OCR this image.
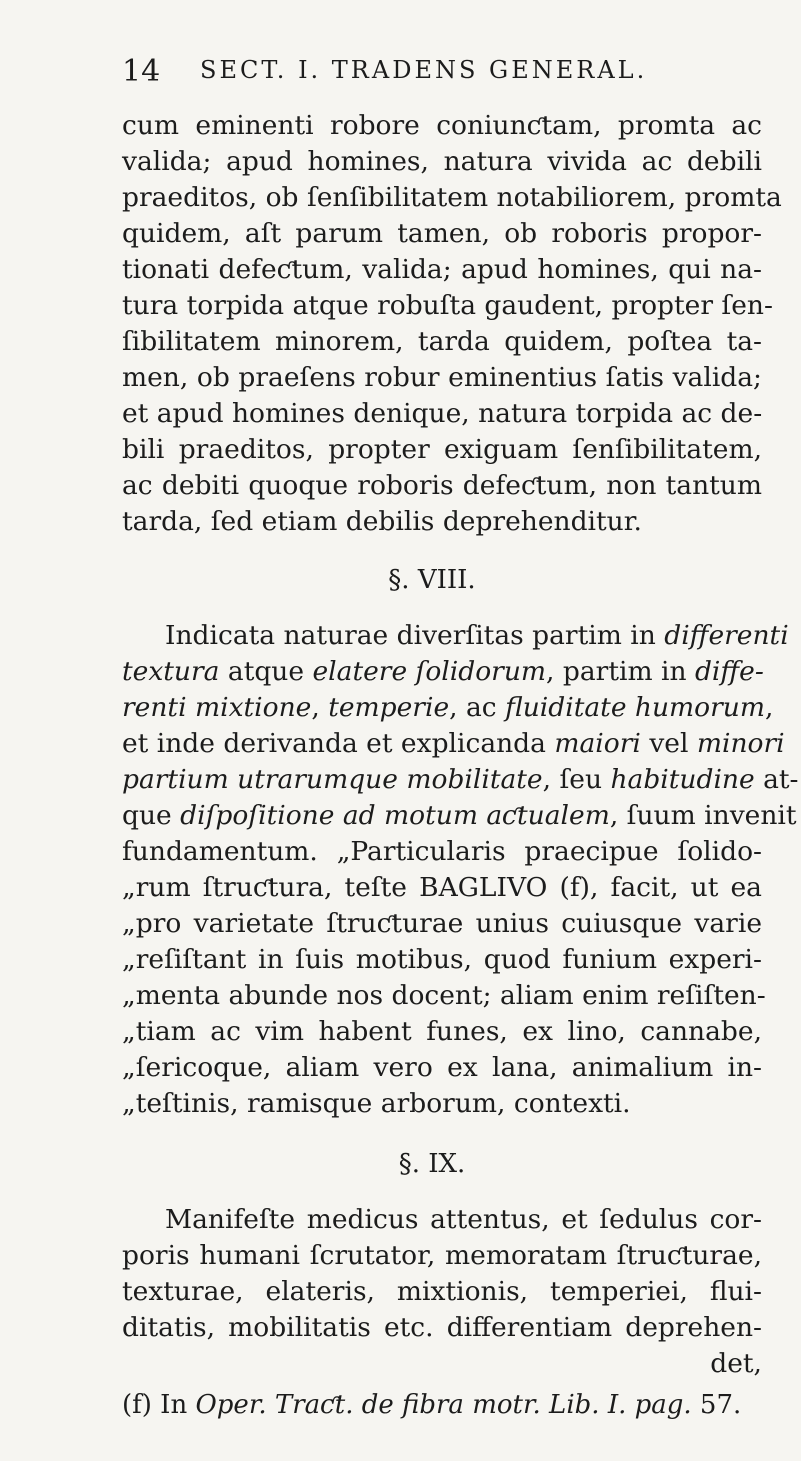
14 SECT. I. TRADENS GENERAL.
cum eminenti robore coniunƈtam, promta ac
valida; apud homines, natura vivida ac debili
praeditos, ob ſenſibilitatem notabiliorem, promta
quidem, aſt parum tamen, ob roboris propor-
tionati defeƈtum, valida; apud homines, qui na-
tura torpida atque robuſta gaudent, propter ſen-
ſibilitatem minorem, tarda quidem, poſtea ta-
men, ob praeſens robur eminentius ſatis valida;
et apud homines denique, natura torpida ac de-
bili praeditos, propter exiguam ſenſibilitatem,
ac debiti quoque roboris defeƈtum, non tantum
tarda, ſed etiam debilis deprehenditur.
§. VIII.
Indicata naturae diverſitas partim in differenti
textura atque elatere ſolidorum, partim in diffe-
renti mixtione, temperie, ac fluiditate humorum,
et inde derivanda et explicanda maiori vel minori
partium utrarumque mobilitate, ſeu habitudine at-
que diſpoſitione ad motum aƈtualem, ſuum invenit
fundamentum. „Particularis praecipue ſolido-
„rum ſtruƈtura, teſte BAGLIVO (f), facit, ut ea
„pro varietate ſtruƈturae unius cuiusque varie
„reſiſtant in ſuis motibus, quod funium experi-
„menta abunde nos docent; aliam enim reſiſten-
„tiam ac vim habent funes, ex lino, cannabe,
„ſericoque, aliam vero ex lana, animalium in-
„teſtinis, ramisque arborum, contexti.
§. IX.
Manifeſte medicus attentus, et ſedulus cor-
poris humani ſcrutator, memoratam ſtruƈturae,
texturae, elateris, mixtionis, temperiei, flui-
ditatis, mobilitatis etc. differentiam deprehen-
det,
(f) In Oper. Traƈt. de fibra motr. Lib. I. pag. 57.
